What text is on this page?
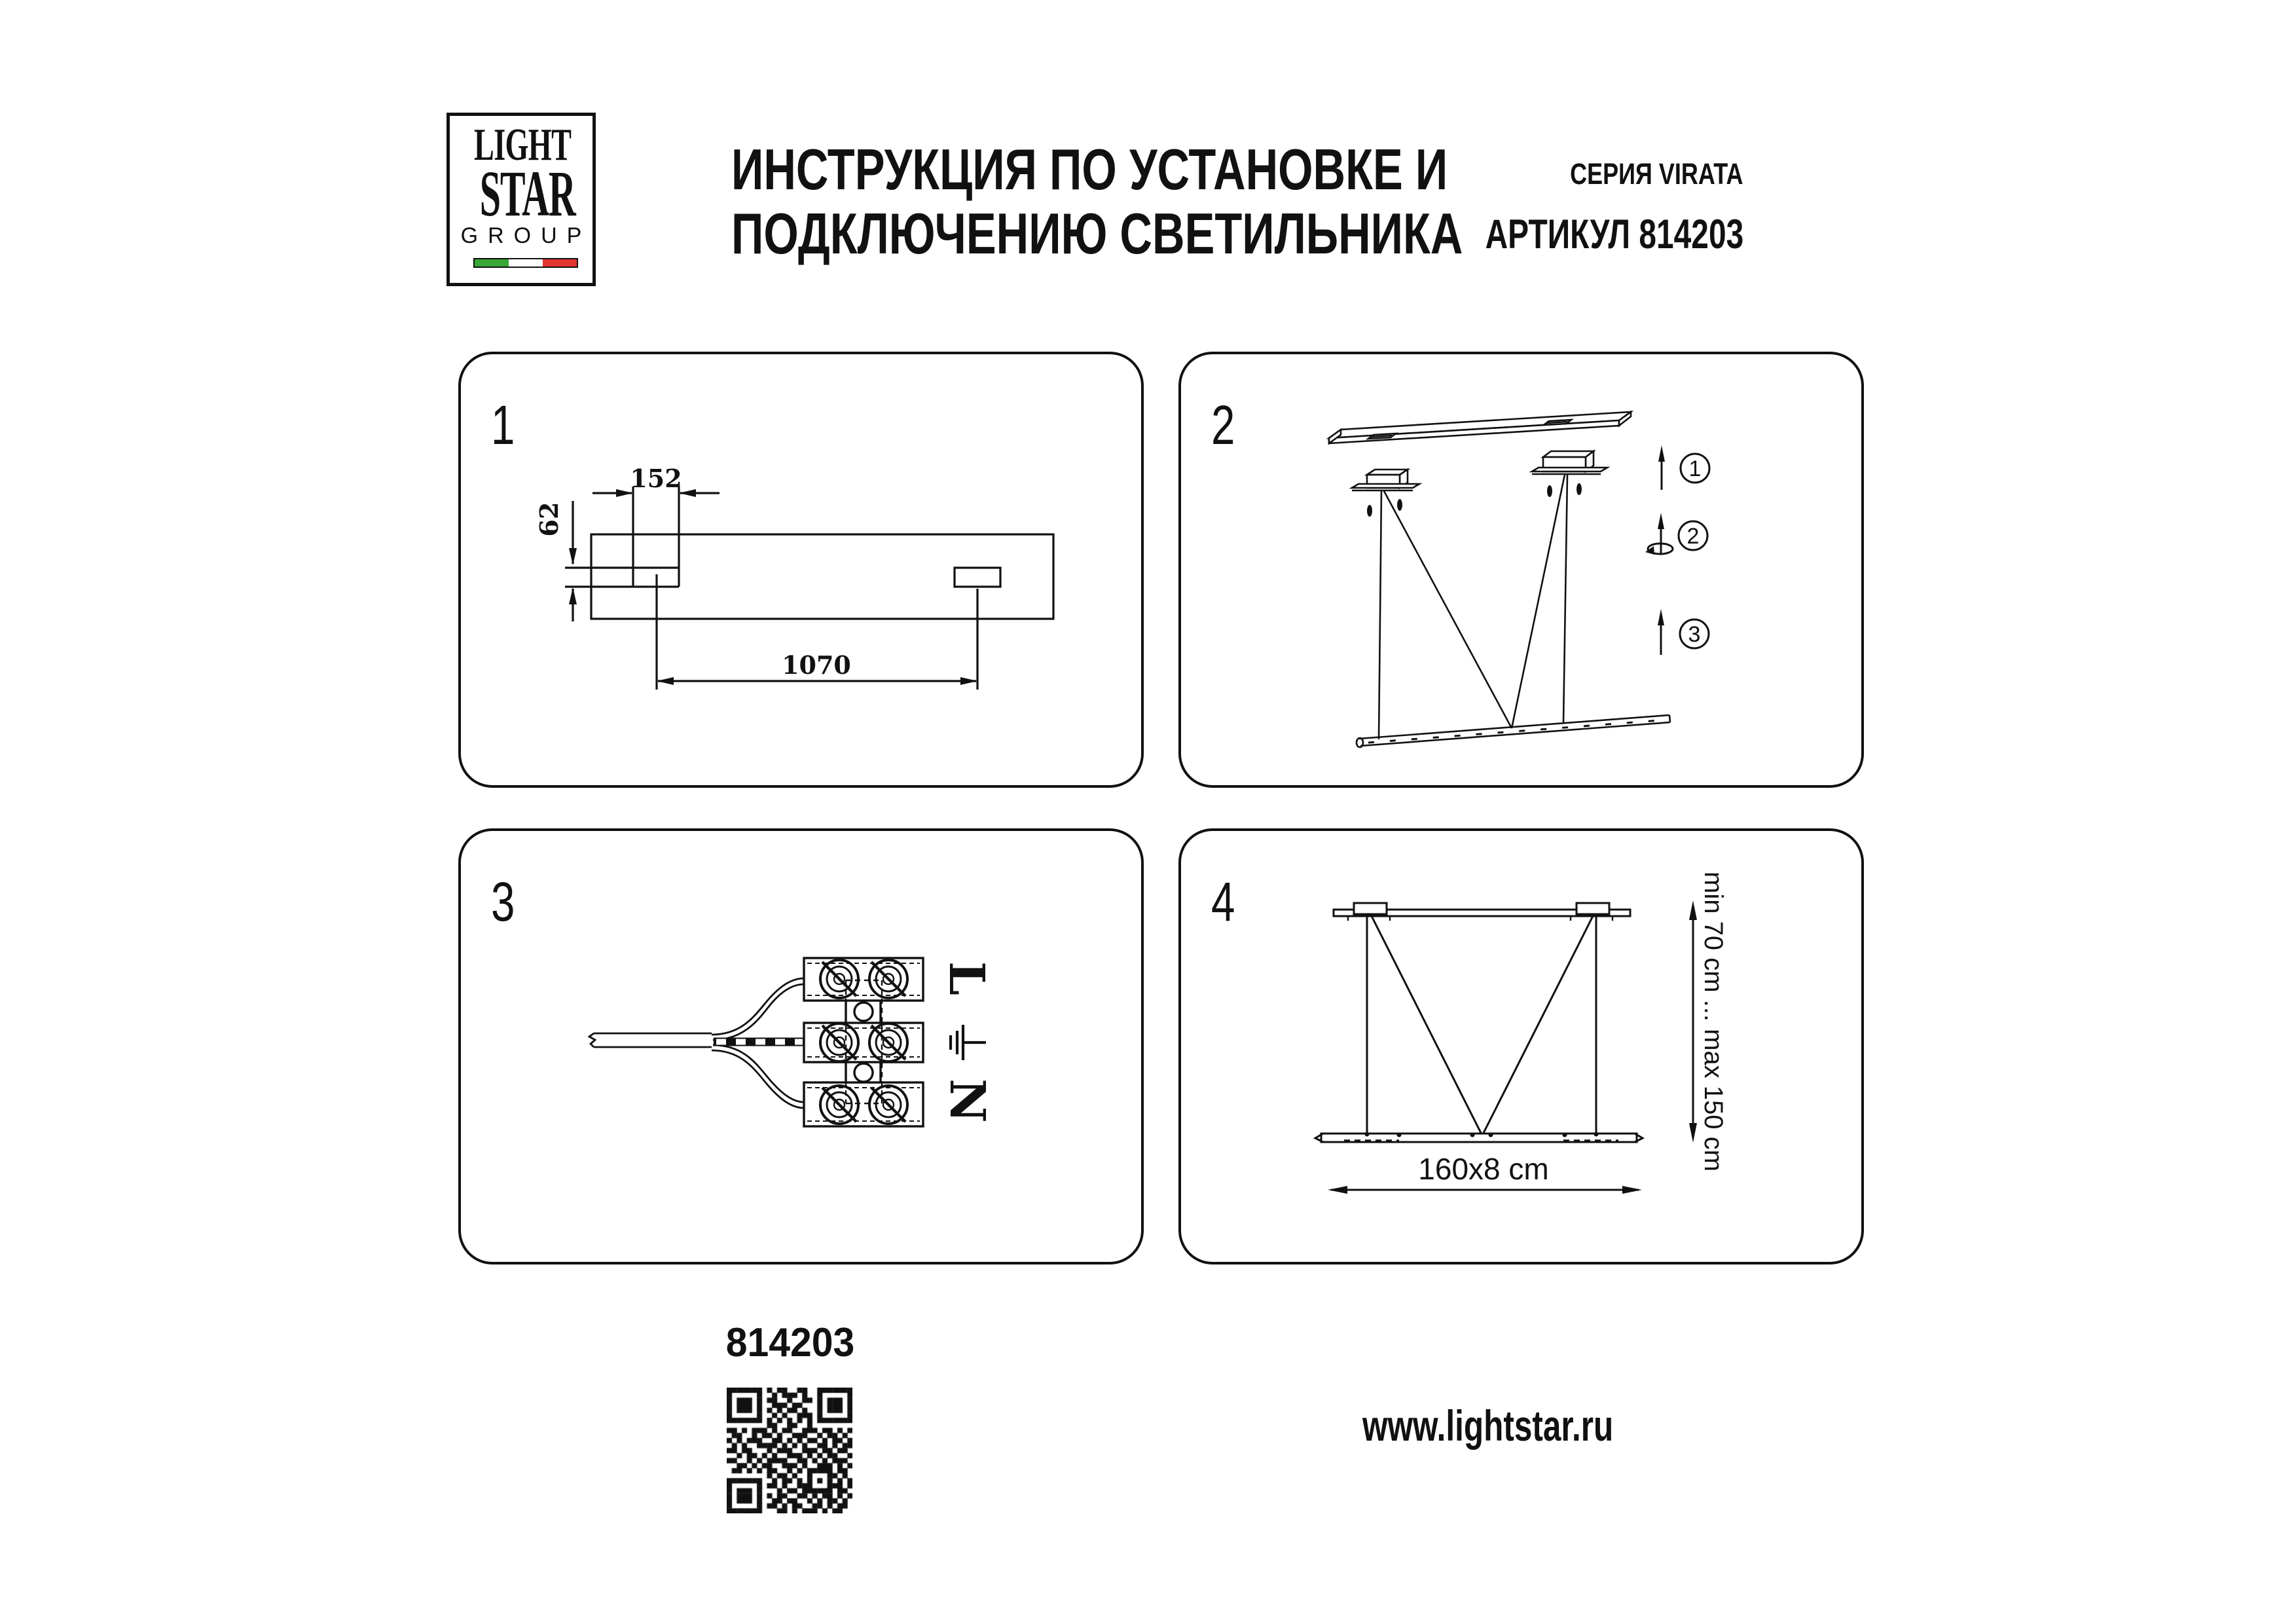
LIGHT
STAR
GROUP
ИНСТРУКЦИЯ ПО УСТАНОВКЕ И
ПОДКЛЮЧЕНИЮ СВЕТИЛЬНИКА
СЕРИЯ VIRATA
АРТИКУЛ 814203
1
152
62
1070
2
1
2
3
3
L
N
4	min 70 cm ... max 150 cm
160x8 cm
814203
www.lightstar.ru
